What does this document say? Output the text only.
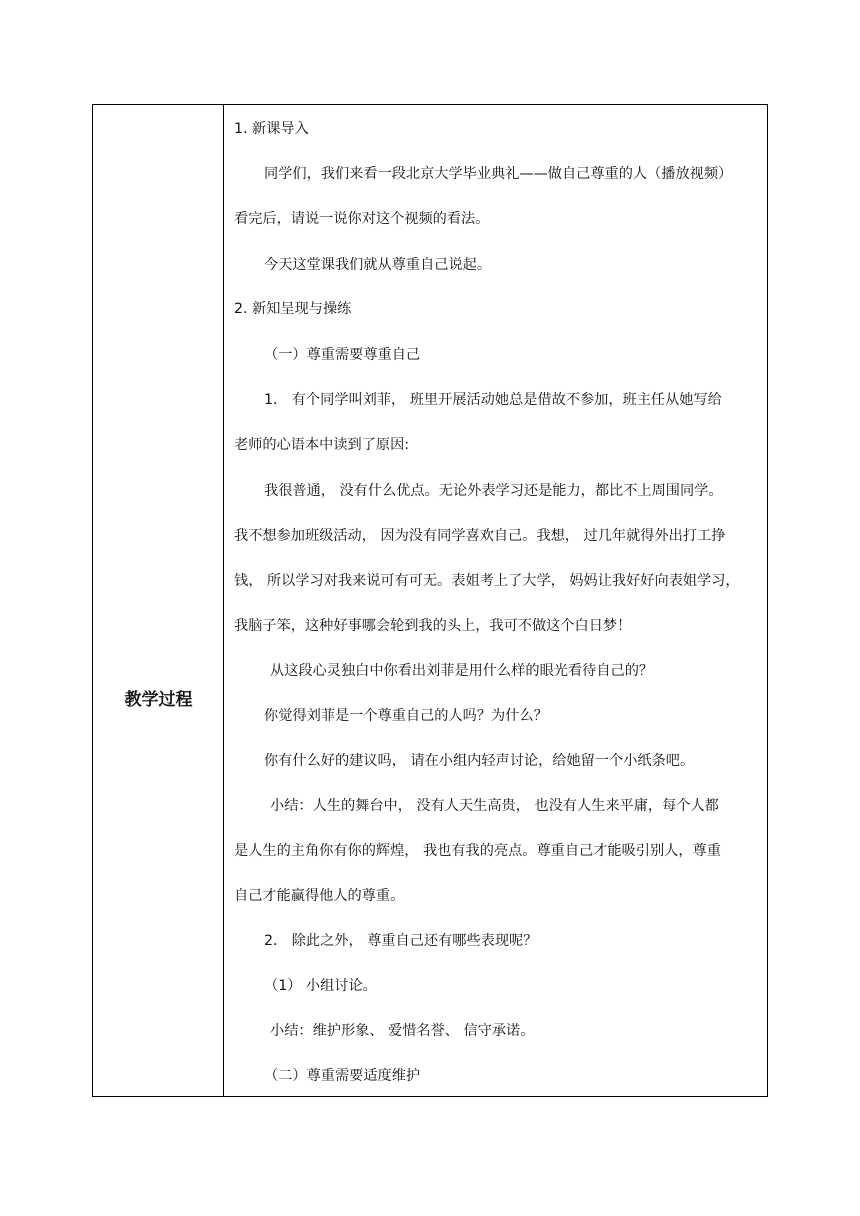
教学过程
1. 新课导入
同学们，我们来看一段北京大学毕业典礼——做自己尊重的人（播放视频）
看完后，请说一说你对这个视频的看法。
今天这堂课我们就从尊重自己说起。
2. 新知呈现与操练
（一）尊重需要尊重自己
1． 有个同学叫刘菲， 班里开展活动她总是借故不参加，班主任从她写给
老师的心语本中读到了原因:
我很普通， 没有什么优点。无论外表学习还是能力，都比不上周围同学。
我不想参加班级活动， 因为没有同学喜欢自己。我想， 过几年就得外出打工挣
钱， 所以学习对我来说可有可无。表姐考上了大学， 妈妈让我好好向表姐学习，
我脑子笨，这种好事哪会轮到我的头上，我可不做这个白日梦！
从这段心灵独白中你看出刘菲是用什么样的眼光看待自己的？
你觉得刘菲是一个尊重自己的人吗？为什么？
你有什么好的建议吗， 请在小组内轻声讨论，给她留一个小纸条吧。
小结：人生的舞台中， 没有人天生高贵， 也没有人生来平庸，每个人都
是人生的主角你有你的辉煌， 我也有我的亮点。尊重自己才能吸引别人，尊重
自己才能赢得他人的尊重。
2． 除此之外， 尊重自己还有哪些表现呢？
（1） 小组讨论。
小结：维护形象、 爱惜名誉、 信守承诺。
（二）尊重需要适度维护
